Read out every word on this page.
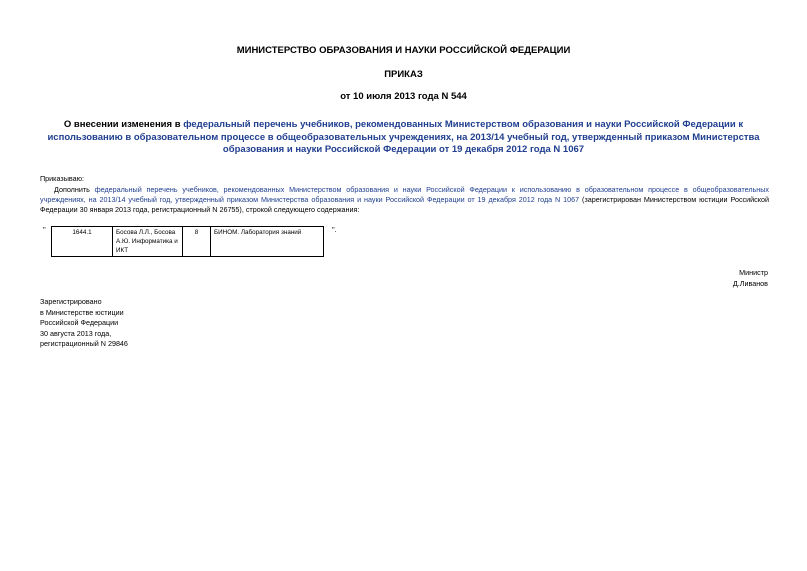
МИНИСТЕРСТВО ОБРАЗОВАНИЯ И НАУКИ РОССИЙСКОЙ ФЕДЕРАЦИИ
ПРИКАЗ
от 10 июля 2013 года N 544
О внесении изменения в федеральный перечень учебников, рекомендованных Министерством образования и науки Российской Федерации к использованию в образовательном процессе в общеобразовательных учреждениях, на 2013/14 учебный год, утвержденный приказом Министерства образования и науки Российской Федерации от 19 декабря 2012 года N 1067
Приказываю:
Дополнить федеральный перечень учебников, рекомендованных Министерством образования и науки Российской Федерации к использованию в образовательном процессе в общеобразовательных учреждениях, на 2013/14 учебный год, утвержденный приказом Министерства образования и науки Российской Федерации от 19 декабря 2012 года N 1067 (зарегистрирован Министерством юстиции Российской Федерации 30 января 2013 года, регистрационный N 26755), строкой следующего содержания:
"	1644.1	Босова Л.Л., Босова А.Ю. Информатика и ИКТ	8	БИНОМ. Лаборатория знаний	".
Министр
Д.Ливанов
Зарегистрировано
в Министерстве юстиции
Российской Федерации
30 августа 2013 года,
регистрационный N 29846
